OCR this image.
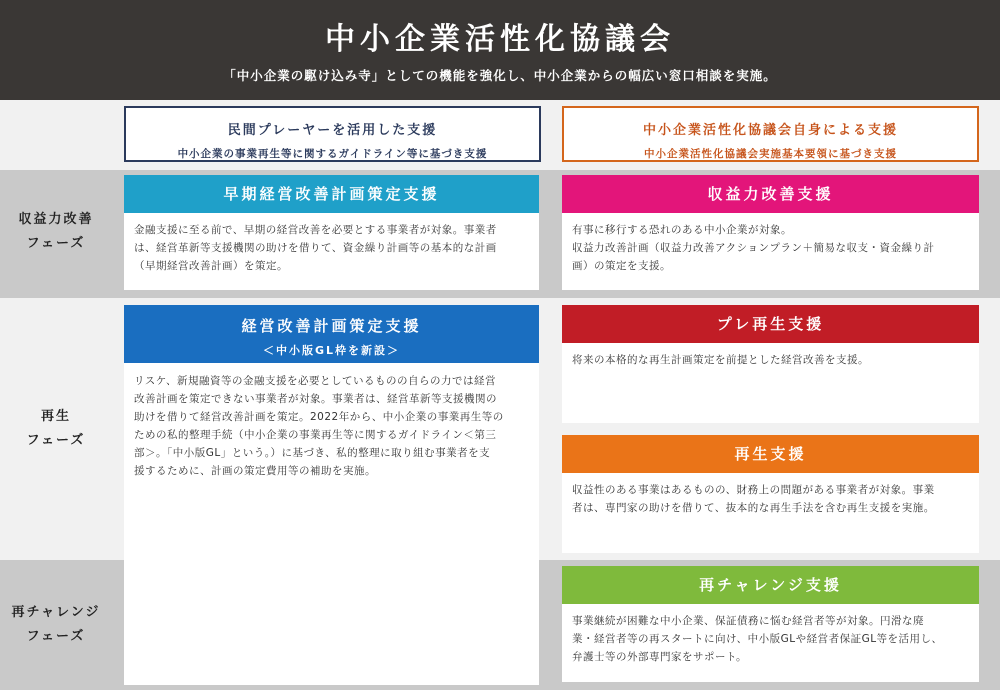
中小企業活性化協議会
「中小企業の駆け込み寺」としての機能を強化し、中小企業からの幅広い窓口相談を実施。
収益力改善
フェーズ
再生
フェーズ
再チャレンジ
フェーズ
民間プレーヤーを活用した支援
中小企業の事業再生等に関するガイドライン等に基づき支援
中小企業活性化協議会自身による支援
中小企業活性化協議会実施基本要領に基づき支援
早期経営改善計画策定支援
金融支援に至る前で、早期の経営改善を必要とする事業者が対象。事業者
は、経営革新等支援機関の助けを借りて、資金繰り計画等の基本的な計画
（早期経営改善計画）を策定。
収益力改善支援
有事に移行する恐れのある中小企業が対象。
収益力改善計画（収益力改善アクションプラン＋簡易な収支・資金繰り計
画）の策定を支援。
経営改善計画策定支援
＜中小版GL枠を新設＞
リスケ、新規融資等の金融支援を必要としているものの自らの力では経営
改善計画を策定できない事業者が対象。事業者は、経営革新等支援機関の
助けを借りて経営改善計画を策定。2022年から、中小企業の事業再生等の
ための私的整理手続（中小企業の事業再生等に関するガイドライン＜第三
部＞。「中小版GL」という。）に基づき、私的整理に取り組む事業者を支
援するために、計画の策定費用等の補助を実施。
プレ再生支援
将来の本格的な再生計画策定を前提とした経営改善を支援。
再生支援
収益性のある事業はあるものの、財務上の問題がある事業者が対象。事業
者は、専門家の助けを借りて、抜本的な再生手法を含む再生支援を実施。
再チャレンジ支援
事業継続が困難な中小企業、保証債務に悩む経営者等が対象。円滑な廃
業・経営者等の再スタートに向け、中小版GLや経営者保証GL等を活用し、
弁護士等の外部専門家をサポート。
